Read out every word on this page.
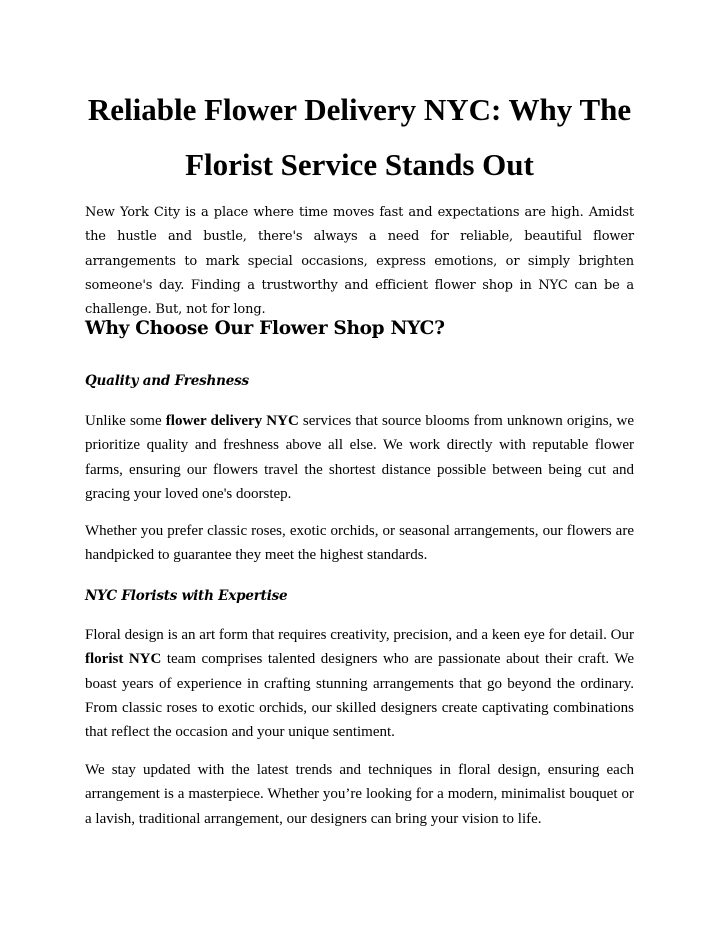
Reliable Flower Delivery NYC: Why The Florist Service Stands Out

New York City is a place where time moves fast and expectations are high. Amidst the hustle and bustle, there's always a need for reliable, beautiful flower arrangements to mark special occasions, express emotions, or simply brighten someone's day. Finding a trustworthy and efficient flower shop in NYC can be a challenge. But, not for long.

Why Choose Our Flower Shop NYC?
Quality and Freshness

Unlike some flower delivery NYC services that source blooms from unknown origins, we prioritize quality and freshness above all else. We work directly with reputable flower farms, ensuring our flowers travel the shortest distance possible between being cut and gracing your loved one's doorstep.

Whether you prefer classic roses, exotic orchids, or seasonal arrangements, our flowers are handpicked to guarantee they meet the highest standards.

NYC Florists with Expertise

Floral design is an art form that requires creativity, precision, and a keen eye for detail. Our florist NYC team comprises talented designers who are passionate about their craft. We boast years of experience in crafting stunning arrangements that go beyond the ordinary. From classic roses to exotic orchids, our skilled designers create captivating combinations that reflect the occasion and your unique sentiment.

We stay updated with the latest trends and techniques in floral design, ensuring each arrangement is a masterpiece. Whether you’re looking for a modern, minimalist bouquet or a lavish, traditional arrangement, our designers can bring your vision to life.
